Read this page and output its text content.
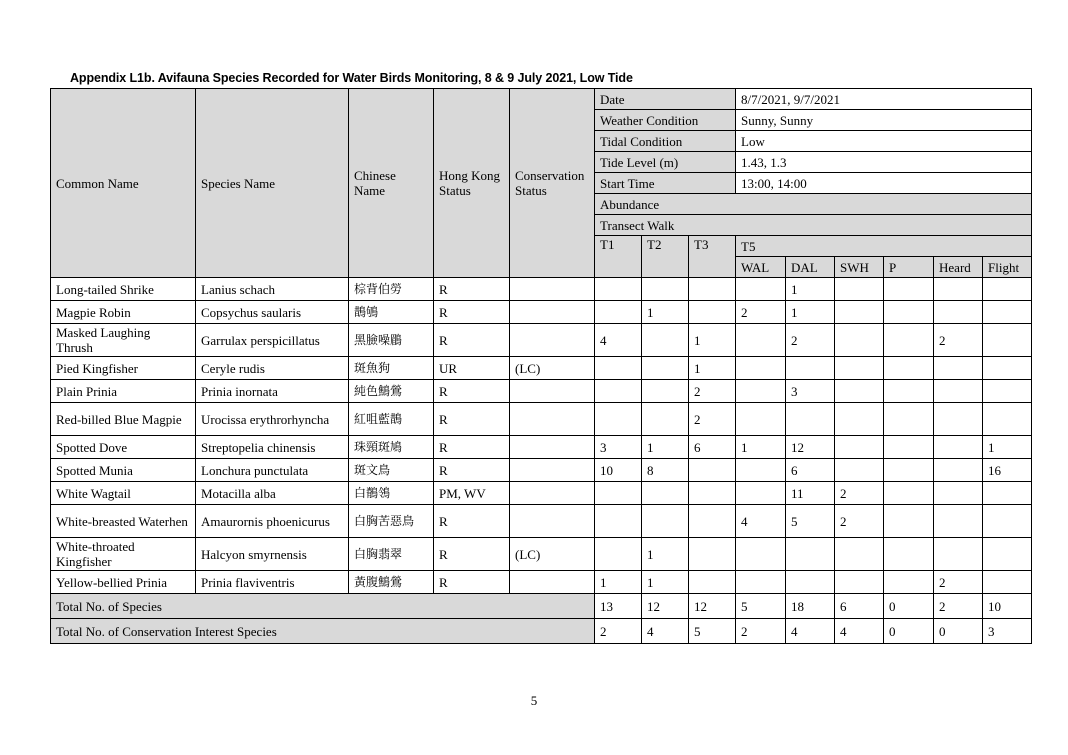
Appendix L1b. Avifauna Species Recorded for Water Birds Monitoring, 8 & 9 July 2021, Low Tide
Common Name	Species Name	Chinese Name	Hong Kong Status	Conservation Status	Date			8/7/2021, 9/7/2021					
					Weather Condition			Sunny, Sunny					
					Tidal Condition			Low					
					Tide Level (m)			1.43, 1.3					
					Start Time			13:00, 14:00					
					Abundance								
					Transect Walk								
					T1	T2	T3	T5					
								WAL	DAL	SWH	P	Heard	Flight
Long-tailed Shrike	Lanius schach	棕背伯勞	R						1				
Magpie Robin	Copsychus saularis	鵲鴝	R			1		2	1				
Masked Laughing Thrush	Garrulax perspicillatus	黑臉噪鶥	R		4		1		2			2	
Pied Kingfisher	Ceryle rudis	斑魚狗	UR	(LC)			1						
Plain Prinia	Prinia inornata	純色鷦鶯	R				2		3				
Red-billed Blue Magpie	Urocissa erythrorhyncha	紅咀藍鵲	R				2						
Spotted Dove	Streptopelia chinensis	珠頸斑鳩	R		3	1	6	1	12				1
Spotted Munia	Lonchura punctulata	斑文鳥	R		10	8			6				16
White Wagtail	Motacilla alba	白鶺鴒	PM, WV						11	2			
White-breasted Waterhen	Amaurornis phoenicurus	白胸苦惡鳥	R					4	5	2			
White-throated Kingfisher	Halcyon smyrnensis	白胸翡翠	R	(LC)		1							
Yellow-bellied Prinia	Prinia flaviventris	黃腹鷦鶯	R		1	1						2	
Total No. of Species					13	12	12	5	18	6	0	2	10
Total No. of Conservation Interest Species					2	4	5	2	4	4	0	0	3
5
